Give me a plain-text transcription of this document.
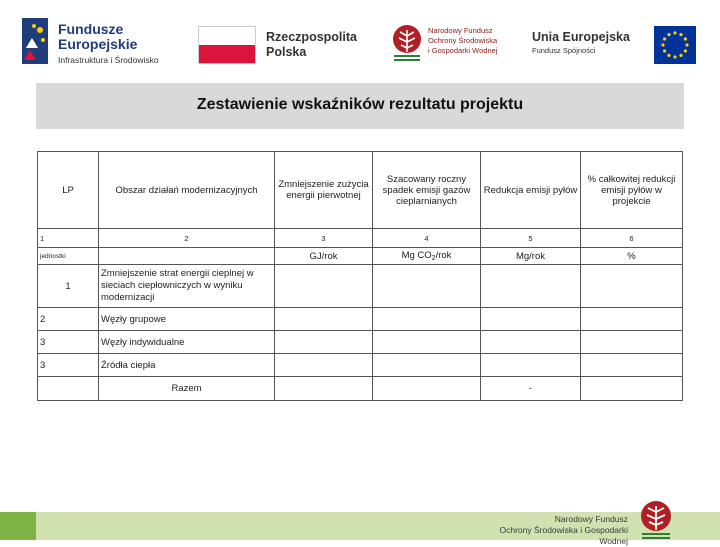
Fundusze
Europejskie
Infrastruktura i Środowisko
Rzeczpospolita
Polska
Narodowy Fundusz
Ochrony Środowiska
i Gospodarki Wodnej
Unia Europejska
Fundusz Spójności
Zestawienie wskaźników rezultatu projektu
LP	Obszar działań modernizacyjnych	Zmniejszenie zużycia energii pierwotnej	Szacowany roczny spadek emisji gazów cieplarnianych	Redukcja emisji pyłów	% całkowitej redukcji emisji pyłów w projekcie
1	2	3	4	5	6
jednostki		GJ/rok	Mg $CO_2$/rok	Mg/rok	%
1	Zmniejszenie strat energii cieplnej w sieciach ciepłowniczych w wyniku modernizacji				
2	Węzły grupowe				
3	Węzły indywidualne				
3	Źródła ciepła				
	Razem			-	
Narodowy Fundusz
Ochrony Środowiska i Gospodarki Wodnej
